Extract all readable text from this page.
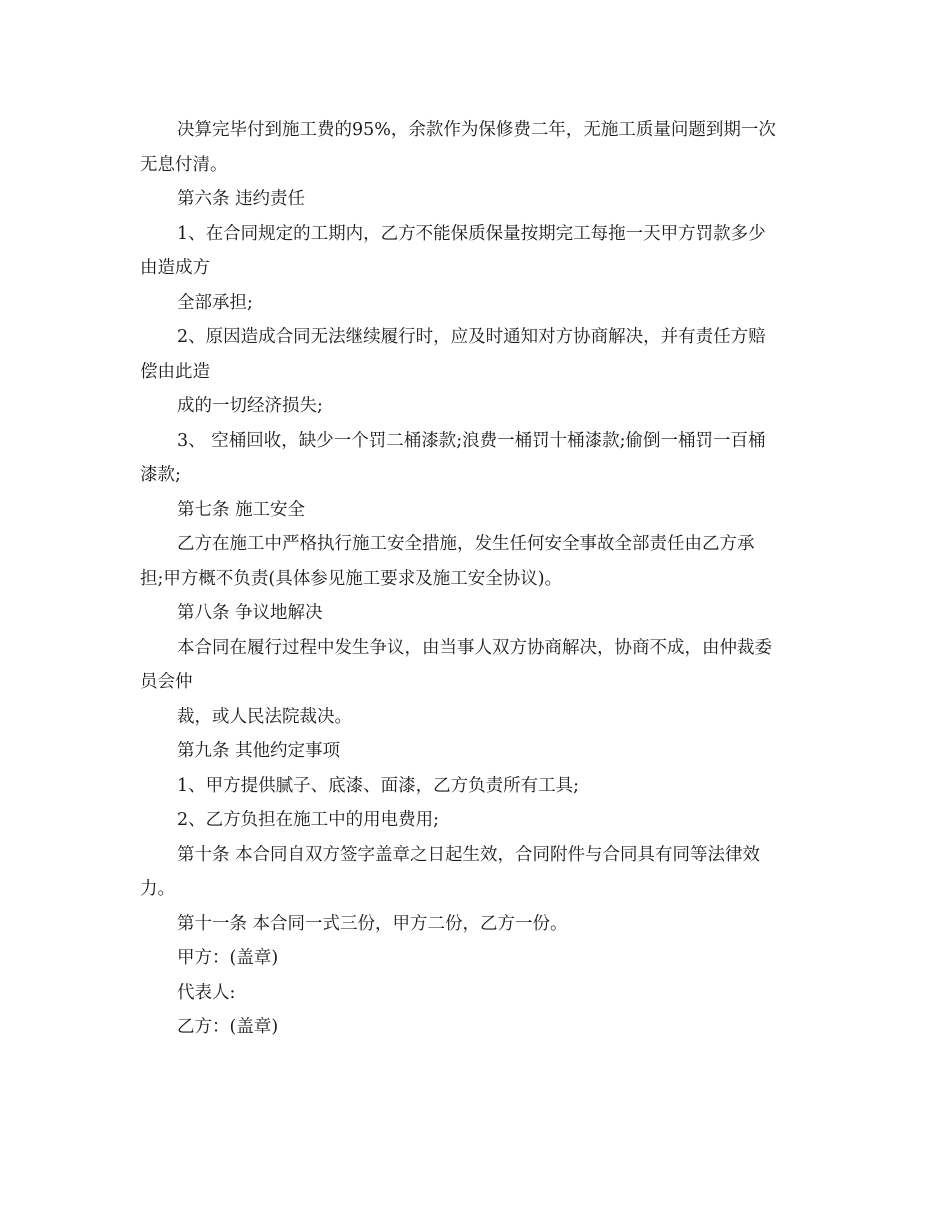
决算完毕付到施工费的95%，余款作为保修费二年，无施工质量问题到期一次
无息付清。
第六条 违约责任
1、在合同规定的工期内，乙方不能保质保量按期完工每拖一天甲方罚款多少
由造成方
全部承担;
2、原因造成合同无法继续履行时，应及时通知对方协商解决，并有责任方赔
偿由此造
成的一切经济损失;
3、 空桶回收，缺少一个罚二桶漆款;浪费一桶罚十桶漆款;偷倒一桶罚一百桶
漆款;
第七条 施工安全
乙方在施工中严格执行施工安全措施，发生任何安全事故全部责任由乙方承
担;甲方概不负责(具体参见施工要求及施工安全协议)。
第八条 争议地解决
本合同在履行过程中发生争议，由当事人双方协商解决，协商不成，由仲裁委
员会仲
裁，或人民法院裁决。
第九条 其他约定事项
1、甲方提供腻子、底漆、面漆，乙方负责所有工具;
2、乙方负担在施工中的用电费用;
第十条 本合同自双方签字盖章之日起生效，合同附件与合同具有同等法律效
力。
第十一条 本合同一式三份，甲方二份，乙方一份。
甲方：(盖章)
代表人:
乙方：(盖章)
